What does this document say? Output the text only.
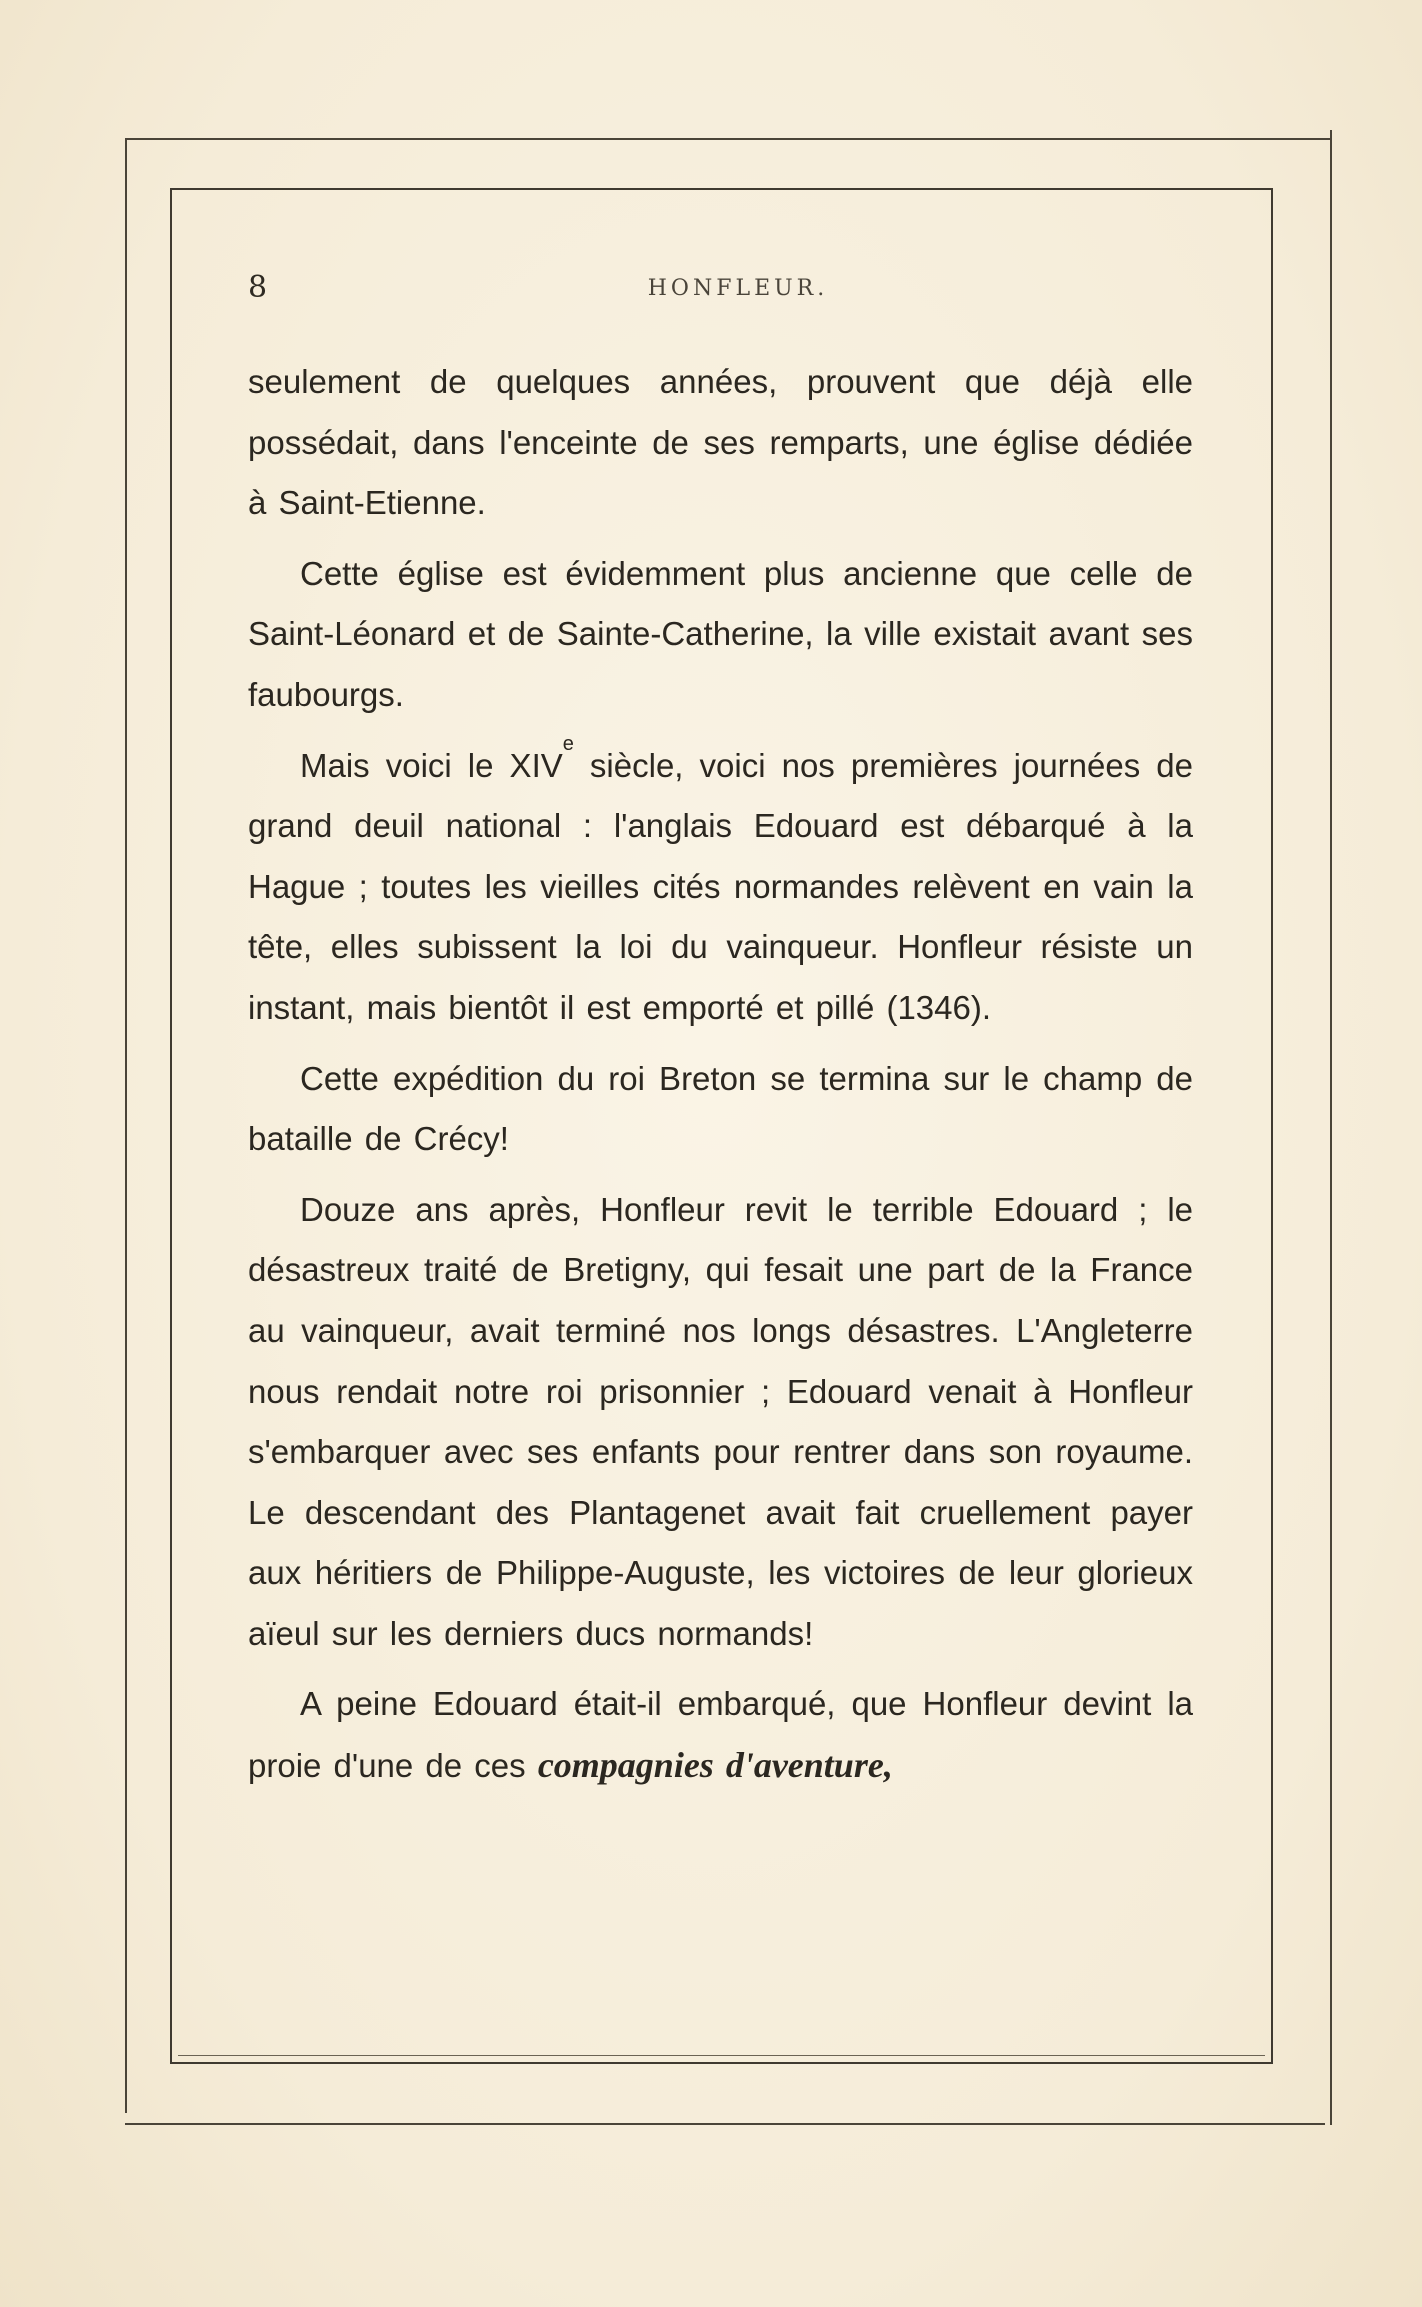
8	HONFLEUR.

seulement de quelques années, prouvent que déjà elle possédait, dans l'enceinte de ses remparts, une église dédiée à Saint-Etienne.

Cette église est évidemment plus ancienne que celle de Saint-Léonard et de Sainte-Catherine, la ville existait avant ses faubourgs.

Mais voici le XIVe siècle, voici nos premières journées de grand deuil national : l'anglais Edouard est débarqué à la Hague ; toutes les vieilles cités normandes relèvent en vain la tête, elles subissent la loi du vainqueur. Honfleur résiste un instant, mais bientôt il est emporté et pillé (1346).

Cette expédition du roi Breton se termina sur le champ de bataille de Crécy!

Douze ans après, Honfleur revit le terrible Edouard ; le désastreux traité de Bretigny, qui fesait une part de la France au vainqueur, avait terminé nos longs désastres. L'Angleterre nous rendait notre roi prisonnier ; Edouard venait à Honfleur s'embarquer avec ses enfants pour rentrer dans son royaume. Le descendant des Plantagenet avait fait cruellement payer aux héritiers de Philippe-Auguste, les victoires de leur glorieux aïeul sur les derniers ducs normands!

A peine Edouard était-il embarqué, que Honfleur devint la proie d'une de ces compagnies d'aventure,
